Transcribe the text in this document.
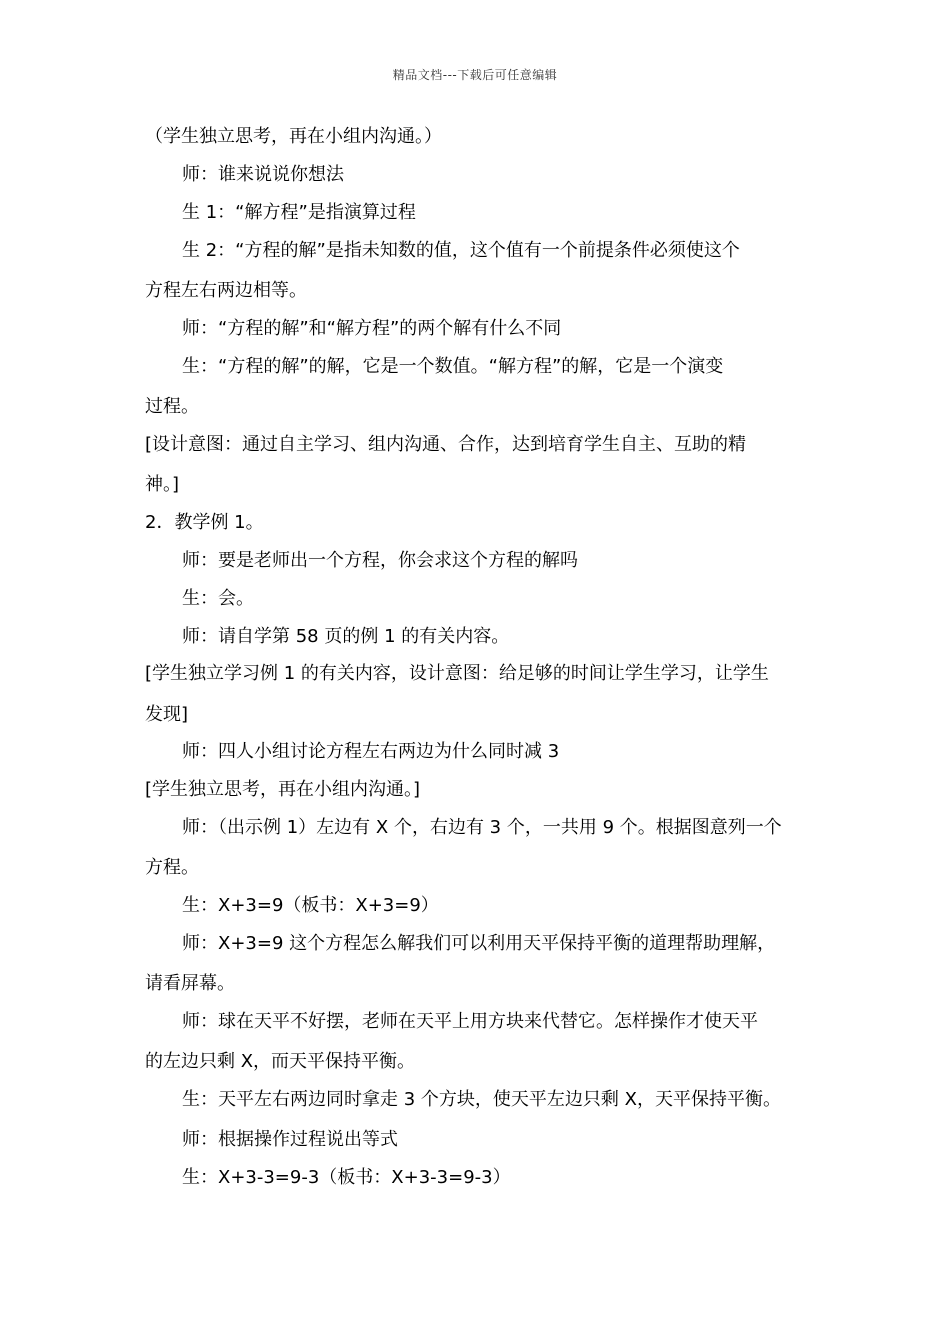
精品文档---下载后可任意编辑
（学生独立思考，再在小组内沟通。）
师：谁来说说你想法
生 1：“解方程”是指演算过程
生 2：“方程的解”是指未知数的值，这个值有一个前提条件必须使这个
方程左右两边相等。
师：“方程的解”和“解方程”的两个解有什么不同
生：“方程的解”的解，它是一个数值。“解方程”的解，它是一个演变
过程。
[设计意图：通过自主学习、组内沟通、合作，达到培育学生自主、互助的精
神。]
2．教学例 1。
师：要是老师出一个方程，你会求这个方程的解吗
生：会。
师：请自学第 58 页的例 1 的有关内容。
[学生独立学习例 1 的有关内容，设计意图：给足够的时间让学生学习，让学生
发现]
师：四人小组讨论方程左右两边为什么同时减 3
[学生独立思考，再在小组内沟通。]
师：（出示例 1）左边有 X 个，右边有 3 个，一共用 9 个。根据图意列一个
方程。
生：X+3=9（板书：X+3=9）
师：X+3=9 这个方程怎么解我们可以利用天平保持平衡的道理帮助理解，
请看屏幕。
师：球在天平不好摆，老师在天平上用方块来代替它。怎样操作才使天平
的左边只剩 X，而天平保持平衡。
生：天平左右两边同时拿走 3 个方块，使天平左边只剩 X，天平保持平衡。
师：根据操作过程说出等式
生：X+3-3=9-3（板书：X+3-3=9-3）
